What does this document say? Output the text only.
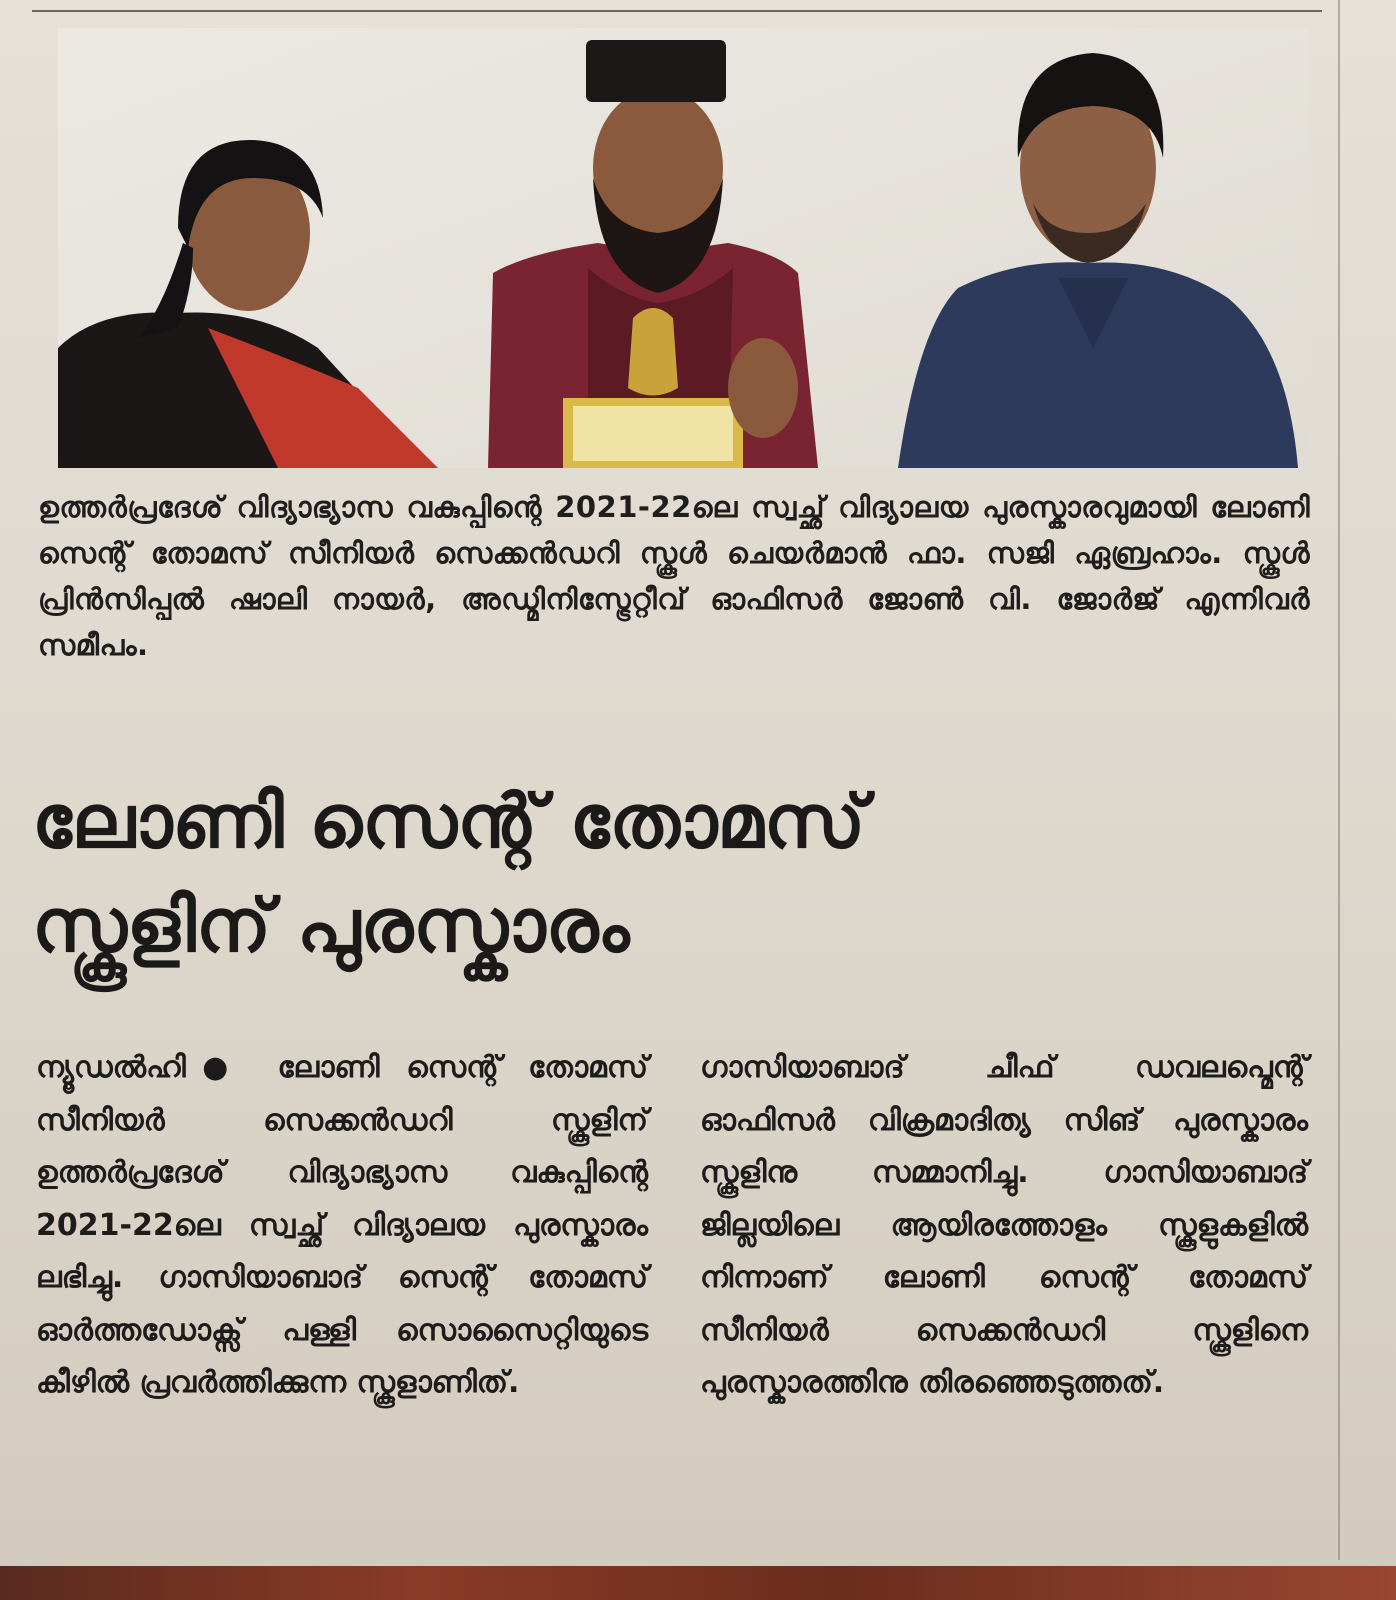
ഉത്തർപ്രദേശ് വിദ്യാഭ്യാസ വകുപ്പിന്റെ 2021-22ലെ സ്വച്ഛ് വിദ്യാലയ പുരസ്കാരവുമായി ലോണി സെന്റ് തോമസ് സീനിയർ സെക്കൻഡറി സ്കൂൾ ചെയർമാൻ ഫാ. സജി ഏബ്രഹാം. സ്കൂൾ പ്രിൻസിപ്പൽ ഷാലി നായർ, അഡ്മിനിസ്ട്രേറ്റീവ് ഓഫിസർ ജോൺ വി. ജോർജ് എന്നിവർ സമീപം.
ലോണി സെന്റ് തോമസ്
സ്കൂളിന് പുരസ്കാരം
ന്യൂഡൽഹി● ലോണി സെന്റ് തോമസ് സീനിയർ സെക്കൻഡറി സ്കൂളിന് ഉത്തർപ്രദേശ് വിദ്യാഭ്യാസ വകുപ്പിന്റെ 2021-22ലെ സ്വച്ഛ് വിദ്യാലയ പുരസ്കാരം ലഭിച്ചു. ഗാസിയാബാദ് സെന്റ് തോമസ് ഓർത്തഡോക്സ് പള്ളി സൊസൈറ്റിയുടെ കീഴിൽ പ്രവർത്തിക്കുന്ന സ്കൂളാണിത്.
ഗാസിയാബാദ് ചീഫ് ഡവലപ്മെന്റ് ഓഫിസർ വിക്രമാദിത്യ സിങ് പുരസ്കാരം സ്കൂളിനു സമ്മാനിച്ചു. ഗാസിയാബാദ് ജില്ലയിലെ ആയിരത്തോളം സ്കൂളുകളിൽ നിന്നാണ് ലോണി സെന്റ് തോമസ് സീനിയർ സെക്കൻഡറി സ്കൂളിനെ പുരസ്കാരത്തിനു തിരഞ്ഞെടുത്തത്.
